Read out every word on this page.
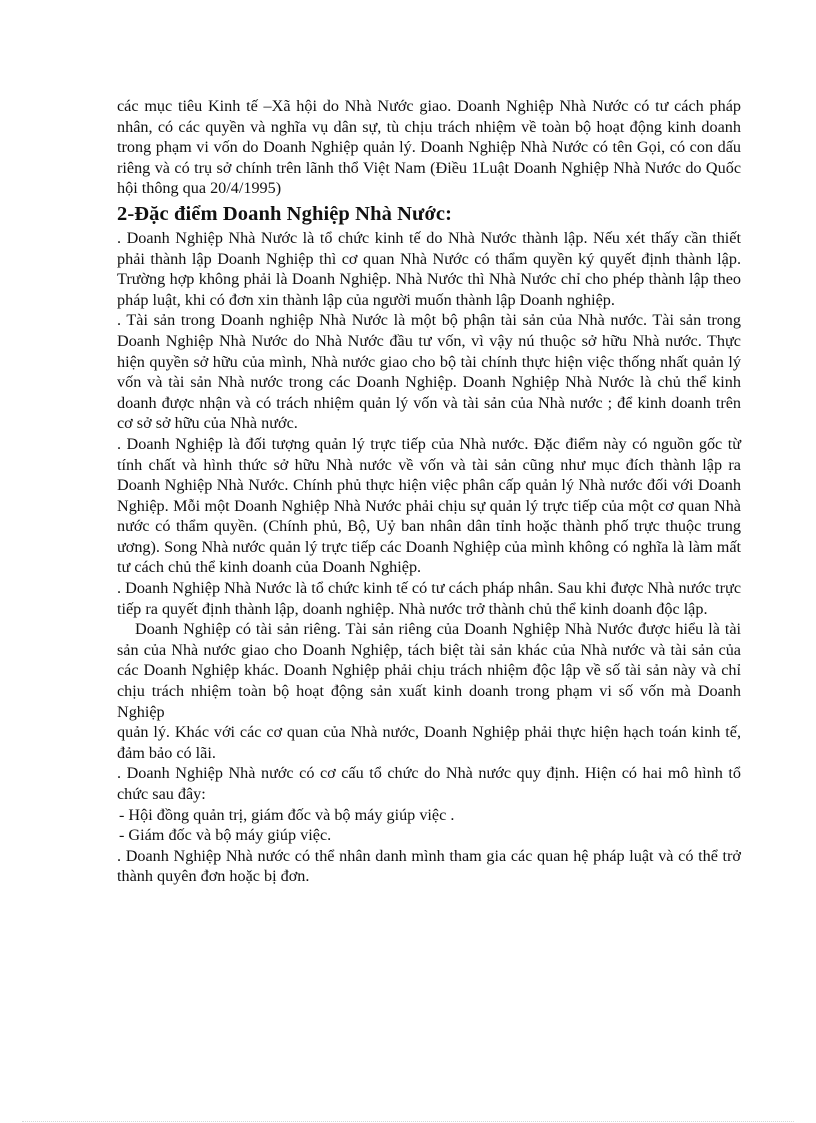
các mục tiêu Kinh tế –Xã hội do Nhà Nước giao. Doanh Nghiệp Nhà Nước có tư cách pháp nhân, có các quyền và nghĩa vụ dân sự, tù chịu trách nhiệm về toàn bộ hoạt động kinh doanh trong phạm vi vốn do Doanh Nghiệp quản lý. Doanh Nghiệp Nhà Nước có tên Gọi, có con dấu riêng và có trụ sở chính trên lãnh thổ Việt Nam (Điều 1Luật Doanh Nghiệp Nhà Nước do Quốc hội thông qua 20/4/1995)

2-Đặc điểm Doanh Nghiệp Nhà Nước:

. Doanh Nghiệp Nhà Nước là tổ chức kinh tế do Nhà Nước thành lập. Nếu xét thấy cần thiết phải thành lập Doanh Nghiệp thì cơ quan Nhà Nước có thẩm quyền ký quyết định thành lập. Trường hợp không phải là Doanh Nghiệp. Nhà Nước thì Nhà Nước chỉ cho phép thành lập theo pháp luật, khi có đơn xin thành lập của người muốn thành lập Doanh nghiệp.

. Tài sản trong Doanh nghiệp Nhà Nước là một bộ phận tài sản của Nhà nước. Tài sản trong Doanh Nghiệp Nhà Nước do Nhà Nước đầu tư vốn, vì vậy nú thuộc sở hữu Nhà nước. Thực hiện quyền sở hữu của mình, Nhà nước giao cho bộ tài chính thực hiện việc thống nhất quản lý vốn và tài sản Nhà nước trong các Doanh Nghiệp. Doanh Nghiệp Nhà Nước là chủ thể kinh doanh được nhận và có trách nhiệm quản lý vốn và tài sản của Nhà nước ; để kinh doanh trên cơ sở sở hữu của Nhà nước.

. Doanh Nghiệp là đối tượng quản lý trực tiếp của Nhà nước. Đặc điểm này có nguồn gốc từ tính chất và hình thức sở hữu Nhà nước về vốn và tài sản cũng như mục đích thành lập ra Doanh Nghiệp Nhà Nước. Chính phủ thực hiện việc phân cấp quản lý Nhà nước đối với Doanh Nghiệp. Mỗi một Doanh Nghiệp Nhà Nước phải chịu sự quản lý trực tiếp của một cơ quan Nhà nước có thẩm quyền. (Chính phủ, Bộ, Uỷ ban nhân dân tỉnh hoặc thành phố trực thuộc trung ương). Song Nhà nước quản lý trực tiếp các Doanh Nghiệp của mình không có nghĩa là làm mất tư cách chủ thể kinh doanh của Doanh Nghiệp.

. Doanh Nghiệp Nhà Nước là tổ chức kinh tế có tư cách pháp nhân. Sau khi được Nhà nước trực tiếp ra quyết định thành lập, doanh nghiệp. Nhà nước trở thành chủ thể kinh doanh độc lập.

Doanh Nghiệp có tài sản riêng. Tài sản riêng của Doanh Nghiệp Nhà Nước được hiểu là tài sản của Nhà nước giao cho Doanh Nghiệp, tách biệt tài sản khác của Nhà nước và tài sản của các Doanh Nghiệp khác. Doanh Nghiệp phải chịu trách nhiệm độc lập về số tài sản này và chỉ chịu trách nhiệm toàn bộ hoạt động sản xuất kinh doanh trong phạm vi số vốn mà Doanh Nghiệp

quản lý. Khác với các cơ quan của Nhà nước, Doanh Nghiệp phải thực hiện hạch toán kinh tế, đảm bảo có lãi.

. Doanh Nghiệp Nhà nước có cơ cấu tổ chức do Nhà nước quy định. Hiện có hai mô hình tổ chức sau đây:

- Hội đồng quản trị, giám đốc và bộ máy giúp việc .

- Giám đốc và bộ máy giúp việc.

. Doanh Nghiệp Nhà nước có thể nhân danh mình tham gia các quan hệ pháp luật và có thể trở thành quyên đơn hoặc bị đơn.
